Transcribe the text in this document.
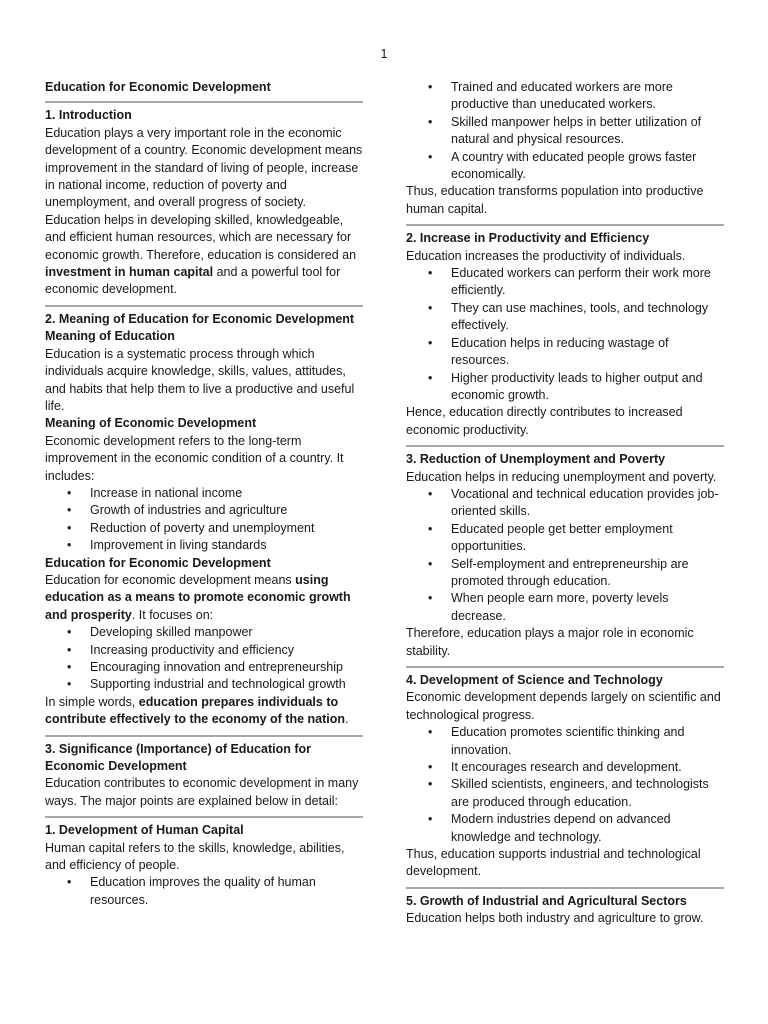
1

Education for Economic Development

1. Introduction

Education plays a very important role in the economic development of a country. Economic development means improvement in the standard of living of people, increase in national income, reduction of poverty and unemployment, and overall progress of society. Education helps in developing skilled, knowledgeable, and efficient human resources, which are necessary for economic growth. Therefore, education is considered an investment in human capital and a powerful tool for economic development.

2. Meaning of Education for Economic Development

Meaning of Education

Education is a systematic process through which individuals acquire knowledge, skills, values, attitudes, and habits that help them to live a productive and useful life.

Meaning of Economic Development

Economic development refers to the long-term improvement in the economic condition of a country. It includes:

• Increase in national income
• Growth of industries and agriculture
• Reduction of poverty and unemployment
• Improvement in living standards

Education for Economic Development

Education for economic development means using education as a means to promote economic growth and prosperity. It focuses on:

• Developing skilled manpower
• Increasing productivity and efficiency
• Encouraging innovation and entrepreneurship
• Supporting industrial and technological growth

In simple words, education prepares individuals to contribute effectively to the economy of the nation.

3. Significance (Importance) of Education for Economic Development

Education contributes to economic development in many ways. The major points are explained below in detail:

1. Development of Human Capital

Human capital refers to the skills, knowledge, abilities, and efficiency of people.

• Education improves the quality of human resources.
• Trained and educated workers are more productive than uneducated workers.
• Skilled manpower helps in better utilization of natural and physical resources.
• A country with educated people grows faster economically.

Thus, education transforms population into productive human capital.

2. Increase in Productivity and Efficiency

Education increases the productivity of individuals.

• Educated workers can perform their work more efficiently.
• They can use machines, tools, and technology effectively.
• Education helps in reducing wastage of resources.
• Higher productivity leads to higher output and economic growth.

Hence, education directly contributes to increased economic productivity.

3. Reduction of Unemployment and Poverty

Education helps in reducing unemployment and poverty.

• Vocational and technical education provides job-oriented skills.
• Educated people get better employment opportunities.
• Self-employment and entrepreneurship are promoted through education.
• When people earn more, poverty levels decrease.

Therefore, education plays a major role in economic stability.

4. Development of Science and Technology

Economic development depends largely on scientific and technological progress.

• Education promotes scientific thinking and innovation.
• It encourages research and development.
• Skilled scientists, engineers, and technologists are produced through education.
• Modern industries depend on advanced knowledge and technology.

Thus, education supports industrial and technological development.

5. Growth of Industrial and Agricultural Sectors

Education helps both industry and agriculture to grow.
